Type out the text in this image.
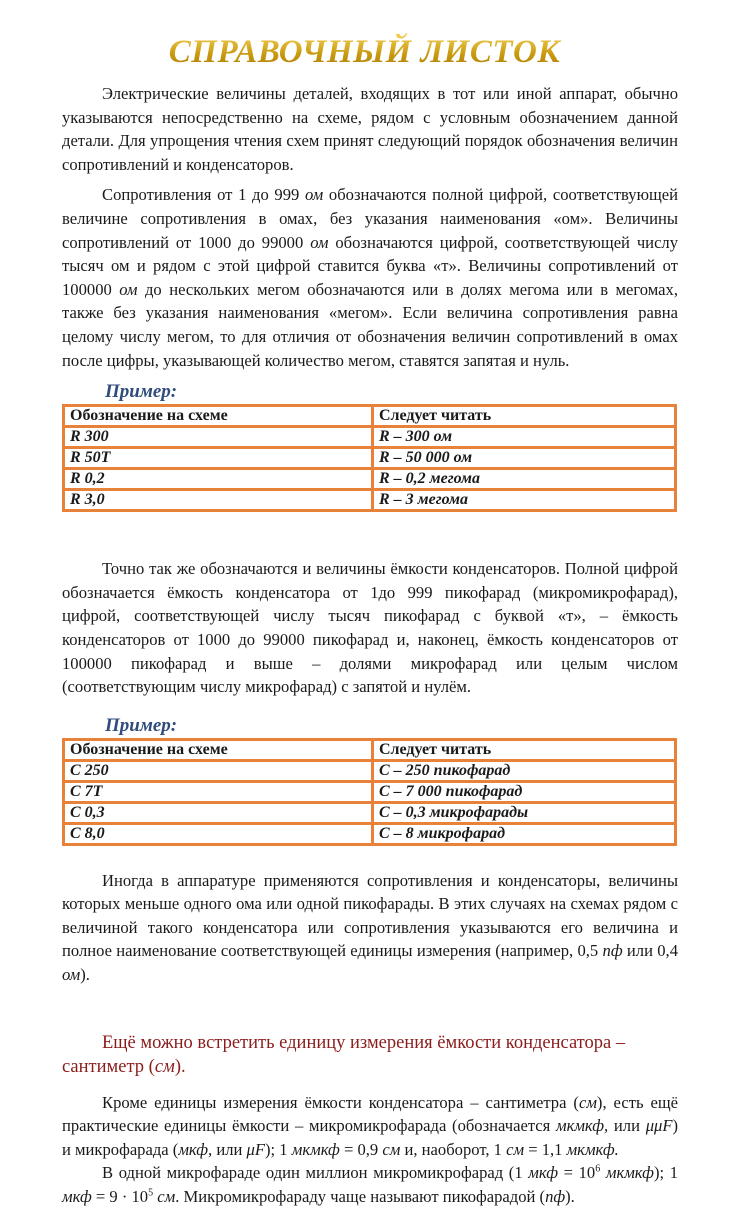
СПРАВОЧНЫЙ ЛИСТОК

Электрические величины деталей, входящих в тот или иной аппарат, обычно указываются непосредственно на схеме, рядом с условным обозначением данной детали. Для упрощения чтения схем принят следующий порядок обозначения величин сопротивлений и конденсаторов.

Сопротивления от 1 до 999 ом обозначаются полной цифрой, соответствующей величине сопротивления в омах, без указания наименования «ом». Величины сопротивлений от 1000 до 99000 ом обозначаются цифрой, соответствующей числу тысяч ом и рядом с этой цифрой ставится буква «т». Величины сопротивлений от 100000 ом до нескольких мегом обозначаются или в долях мегома или в мегомах, также без указания наименования «мегом». Если величина сопротивления равна целому числу мегом, то для отличия от обозначения величин сопротивлений в омах после цифры, указывающей количество мегом, ставятся запятая и нуль.

Пример:
Обозначение на схеме	Следует читать
R 300	R – 300 ом
R 50T	R – 50 000 ом
R 0,2	R – 0,2 мегома
R 3,0	R – 3 мегома

Точно так же обозначаются и величины ёмкости конденсаторов. Полной цифрой обозначается ёмкость конденсатора от 1до 999 пикофарад (микромикрофарад), цифрой, соответствующей числу тысяч пикофарад с буквой «т», – ёмкость конденсаторов от 1000 до 99000 пикофарад и, наконец, ёмкость конденсаторов от 100000 пикофарад и выше – долями микрофарад или целым числом (соответствующим числу микрофарад) с запятой и нулём.

Пример:
Обозначение на схеме	Следует читать
C 250	C – 250 пикофарад
C 7T	C – 7 000 пикофарад
C 0,3	C – 0,3 микрофарады
C 8,0	C – 8 микрофарад

Иногда в аппаратуре применяются сопротивления и конденсаторы, величины которых меньше одного ома или одной пикофарады. В этих случаях на схемах рядом с величиной такого конденсатора или сопротивления указываются его величина и полное наименование соответствующей единицы измерения (например, 0,5 пф или 0,4 ом).

Ещё можно встретить единицу измерения ёмкости конденсатора – сантиметр (см).

Кроме единицы измерения ёмкости конденсатора – сантиметра (см), есть ещё практические единицы ёмкости – микромикрофарада (обозначается мкмкф, или μμF) и микрофарада (мкф, или μF); 1 мкмкф = 0,9 см и, наоборот, 1 см = 1,1 мкмкф.

В одной микрофараде один миллион микромикрофарад (1 мкф = $10^6$ мкмкф); 1 мкф = $9 \cdot 10^5$ см. Микромикрофараду чаще называют пикофарадой (пф).
